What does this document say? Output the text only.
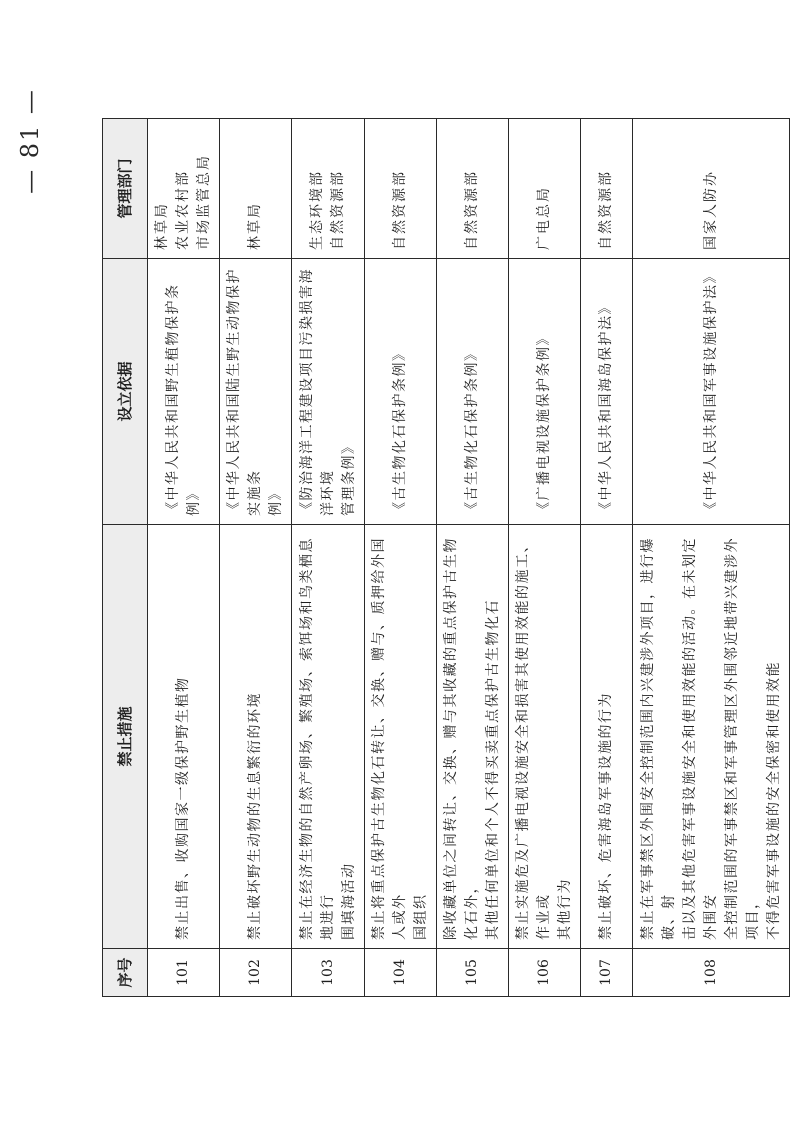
— 81 —
序号	禁止措施	设立依据	管理部门
101	禁止出售、收购国家一级保护野生植物	《中华人民共和国野生植物保护条例》	林草局 农业农村部 市场监管总局

102	禁止破坏野生动物的生息繁衍的环境	《中华人民共和国陆生野生动物保护实施条 例》	林草局

103	禁止在经济生物的自然产卵场、繁殖场、索饵场和鸟类栖息地进行 围填海活动	《防治海洋工程建设项目污染损害海洋环境 管理条例》	生态环境部 自然资源部

104	禁止将重点保护古生物化石转让、交换、赠与、质押给外国人或外 国组织	《古生物化石保护条例》	自然资源部

105	除收藏单位之间转让、交换、赠与其收藏的重点保护古生物化石外， 其他任何单位和个人不得买卖重点保护古生物化石	《古生物化石保护条例》	自然资源部

106	禁止实施危及广播电视设施安全和损害其使用效能的施工、作业或 其他行为	《广播电视设施保护条例》	广电总局

107	禁止破坏、危害海岛军事设施的行为	《中华人民共和国海岛保护法》	自然资源部

108	禁止在军事禁区外围安全控制范围内兴建涉外项目，进行爆破、射 击以及其他危害军事设施安全和使用效能的活动。在未划定外围安 全控制范围的军事禁区和军事管理区外围邻近地带兴建涉外项目， 不得危害军事设施的安全保密和使用效能	《中华人民共和国军事设施保护法》	国家人防办
